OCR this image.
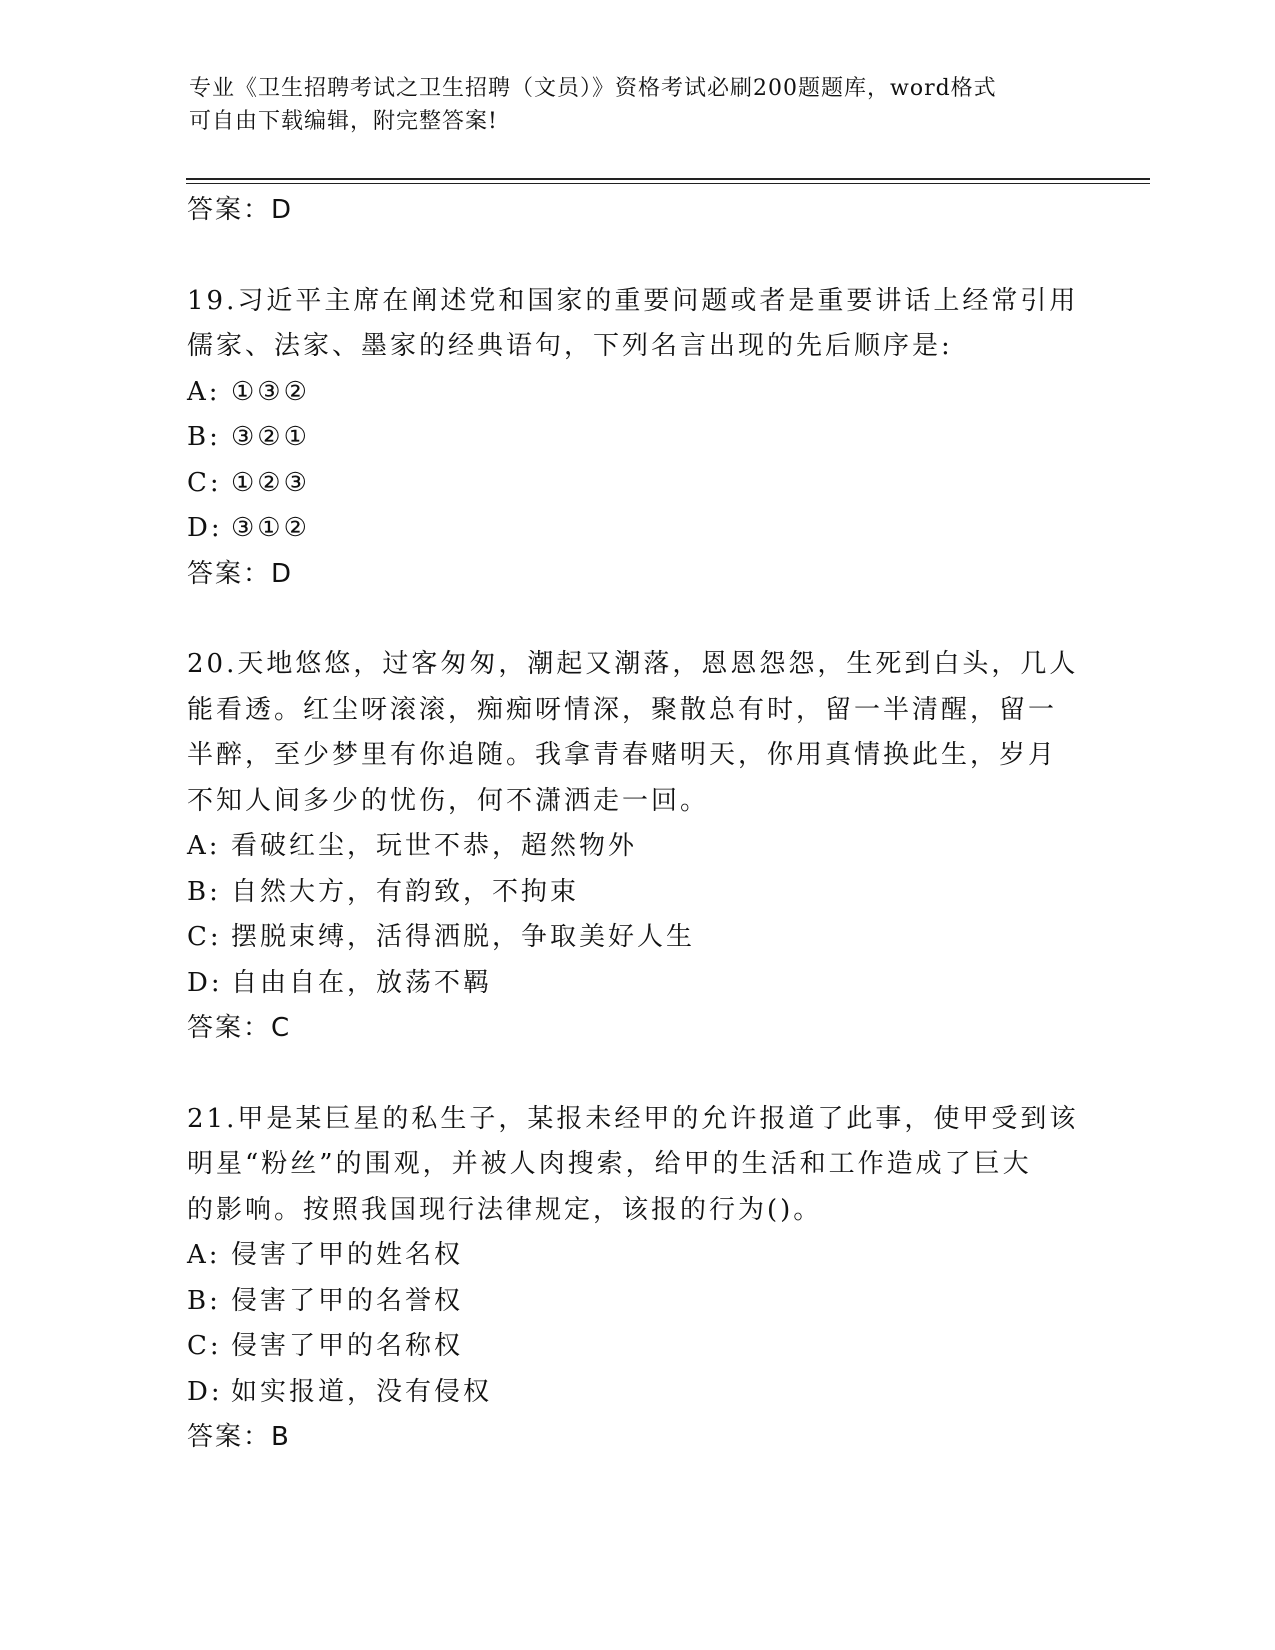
专业《卫生招聘考试之卫生招聘（文员）》资格考试必刷200题题库，word格式
可自由下载编辑，附完整答案!
答案：D
19.习近平主席在阐述党和国家的重要问题或者是重要讲话上经常引用
儒家、法家、墨家的经典语句，下列名言出现的先后顺序是:
A: ①③②
B: ③②①
C: ①②③
D: ③①②
答案：D
20.天地悠悠，过客匆匆，潮起又潮落，恩恩怨怨，生死到白头，几人
能看透。红尘呀滚滚，痴痴呀情深，聚散总有时，留一半清醒，留一
半醉，至少梦里有你追随。我拿青春赌明天，你用真情换此生，岁月
不知人间多少的忧伤，何不潇洒走一回。
A: 看破红尘，玩世不恭，超然物外
B: 自然大方，有韵致，不拘束
C: 摆脱束缚，活得洒脱，争取美好人生
D: 自由自在，放荡不羁
答案：C
21.甲是某巨星的私生子，某报未经甲的允许报道了此事，使甲受到该
明星“粉丝”的围观，并被人肉搜索，给甲的生活和工作造成了巨大
的影响。按照我国现行法律规定，该报的行为()。
A: 侵害了甲的姓名权
B: 侵害了甲的名誉权
C: 侵害了甲的名称权
D: 如实报道，没有侵权
答案：B
